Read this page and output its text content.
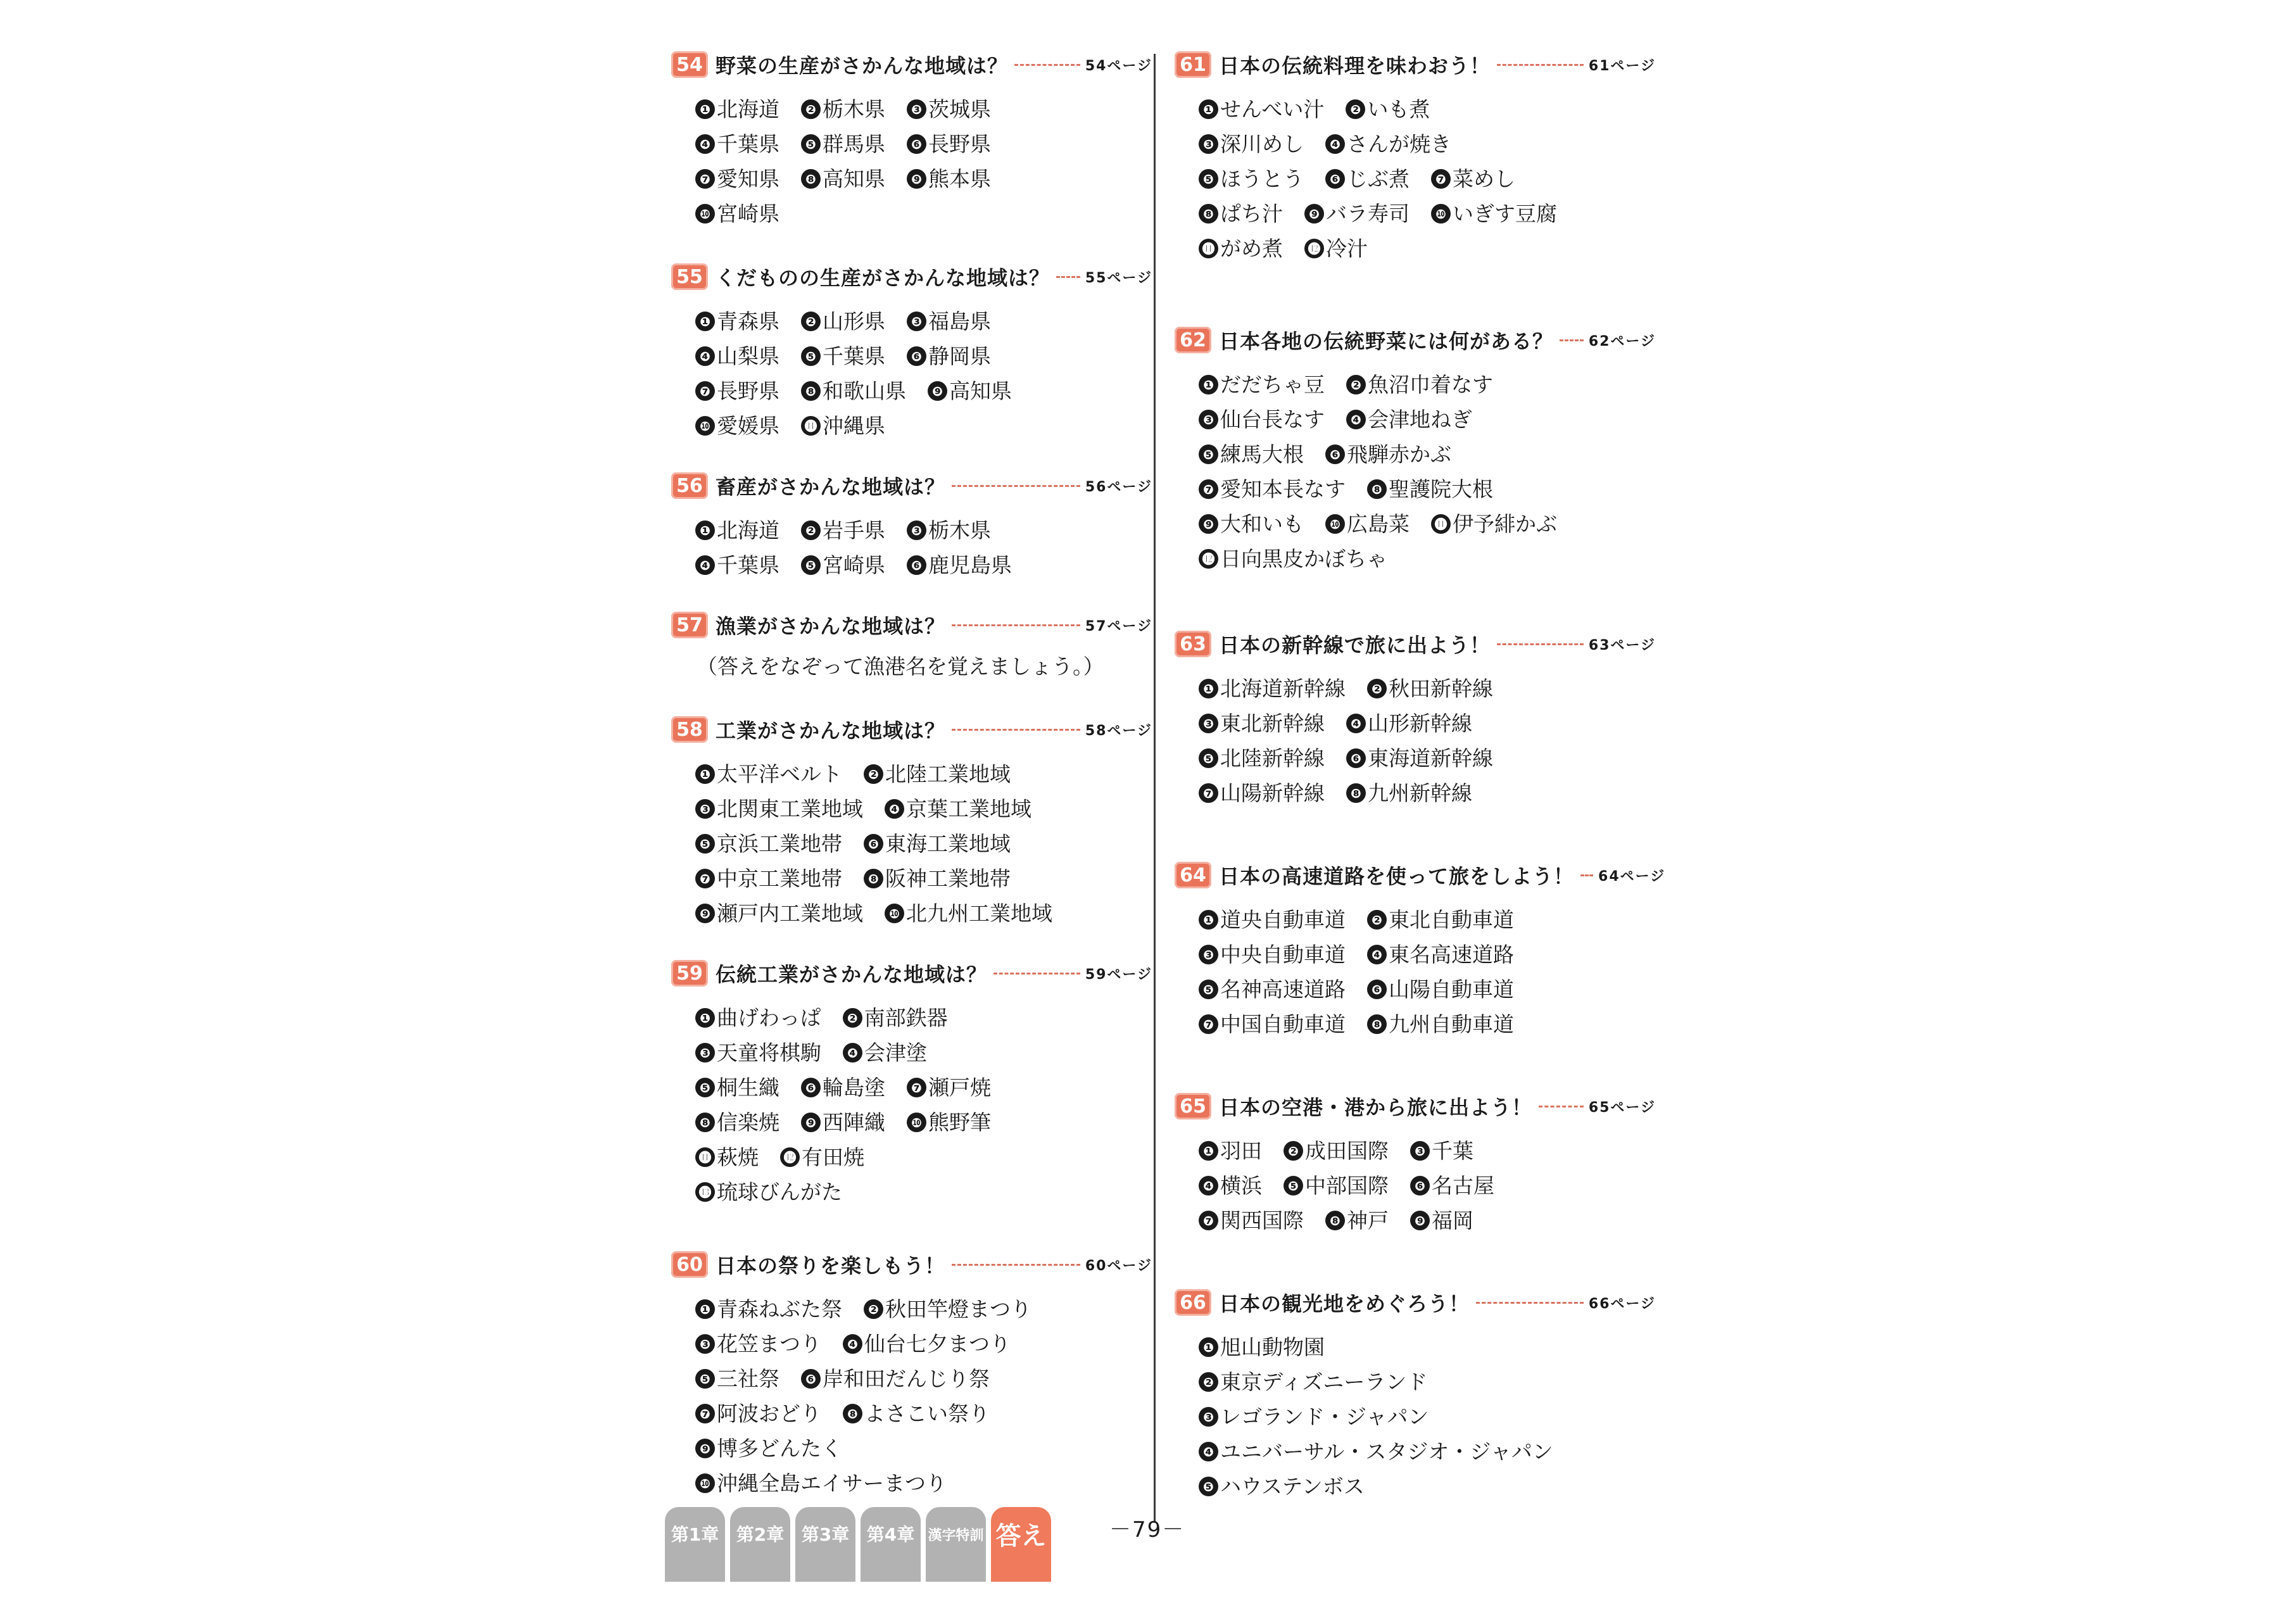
54 野菜の生産がさかんな地域は？	54ページ
❶ 北海道	❷ 栃木県	❸ 茨城県
❹ 千葉県	❺ 群馬県	❻ 長野県
❼ 愛知県	❽ 高知県	❾ 熊本県
❿ 宮崎県
55 くだものの生産がさかんな地域は？	55ページ
❶ 青森県	❷ 山形県	❸ 福島県
❹ 山梨県	❺ 千葉県	❻ 静岡県
❼ 長野県	❽ 和歌山県	❾ 高知県
❿ 愛媛県 ⓫ 沖縄県
56 畜産がさかんな地域は？	56ページ
❶ 北海道	❷ 岩手県	❸ 栃木県
❹ 千葉県	❺ 宮崎県	❻ 鹿児島県
57 漁業がさかんな地域は？	57ページ
（答えをなぞって漁港名を覚えましょう。）
58 工業がさかんな地域は？	58ページ
❶ 太平洋ベルト	❷ 北陸工業地域
❸ 北関東工業地域	❹ 京葉工業地域
❺ 京浜工業地帯	❻ 東海工業地域
❼ 中京工業地帯	❽ 阪神工業地帯
❾ 瀬戸内工業地域	❿ 北九州工業地域
59 伝統工業がさかんな地域は？	59ページ
❶ 曲げわっぱ	❷ 南部鉄器
❸ 天童将棋駒	❹ 会津塗
❺ 桐生織	❻ 輪島塗	❼ 瀬戸焼
❽ 信楽焼	❾ 西陣織	❿ 熊野筆
⓫ 萩焼 ⓬ 有田焼
⓭ 琉球びんがた
60 日本の祭りを楽しもう！	60ページ
❶ 青森ねぶた祭	❷ 秋田竿燈まつり
❸ 花笠まつり	❹ 仙台七夕まつり
❺ 三社祭	❻ 岸和田だんじり祭
❼ 阿波おどり	❽ よさこい祭り
❾ 博多どんたく
❿ 沖縄全島エイサーまつり
61 日本の伝統料理を味わおう！	61ページ
❶ せんべい汁	❷ いも煮
❸ 深川めし	❹ さんが焼き
❺ ほうとう	❻ じぶ煮	❼ 菜めし
❽ ぱち汁	❾ バラ寿司	❿ いぎす豆腐
⓫ がめ煮 ⓬ 冷汁
62 日本各地の伝統野菜には何がある？	62ページ
❶ だだちゃ豆	❷ 魚沼巾着なす
❸ 仙台長なす	❹ 会津地ねぎ
❺ 練馬大根	❻ 飛騨赤かぶ
❼ 愛知本長なす	❽ 聖護院大根
❾ 大和いも	❿ 広島菜 ⓫ 伊予緋かぶ
⓬ 日向黒皮かぼちゃ
63 日本の新幹線で旅に出よう！	63ページ
❶ 北海道新幹線	❷ 秋田新幹線
❸ 東北新幹線	❹ 山形新幹線
❺ 北陸新幹線	❻ 東海道新幹線
❼ 山陽新幹線	❽ 九州新幹線
64 日本の高速道路を使って旅をしよう！ 64ページ
❶ 道央自動車道	❷ 東北自動車道
❸ 中央自動車道	❹ 東名高速道路
❺ 名神高速道路	❻ 山陽自動車道
❼ 中国自動車道	❽ 九州自動車道
65 日本の空港・港から旅に出よう！	65ページ
❶ 羽田	❷ 成田国際	❸ 千葉
❹ 横浜	❺ 中部国際	❻ 名古屋
❼ 関西国際	❽ 神戸	❾ 福岡
66 日本の観光地をめぐろう！	66ページ
❶ 旭山動物園
❷ 東京ディズニーランド
❸ レゴランド・ジャパン
❹ ユニバーサル・スタジオ・ジャパン
❺ ハウステンボス
第1章 第2章 第3章 第4章 漢字特訓 答え	－79－
